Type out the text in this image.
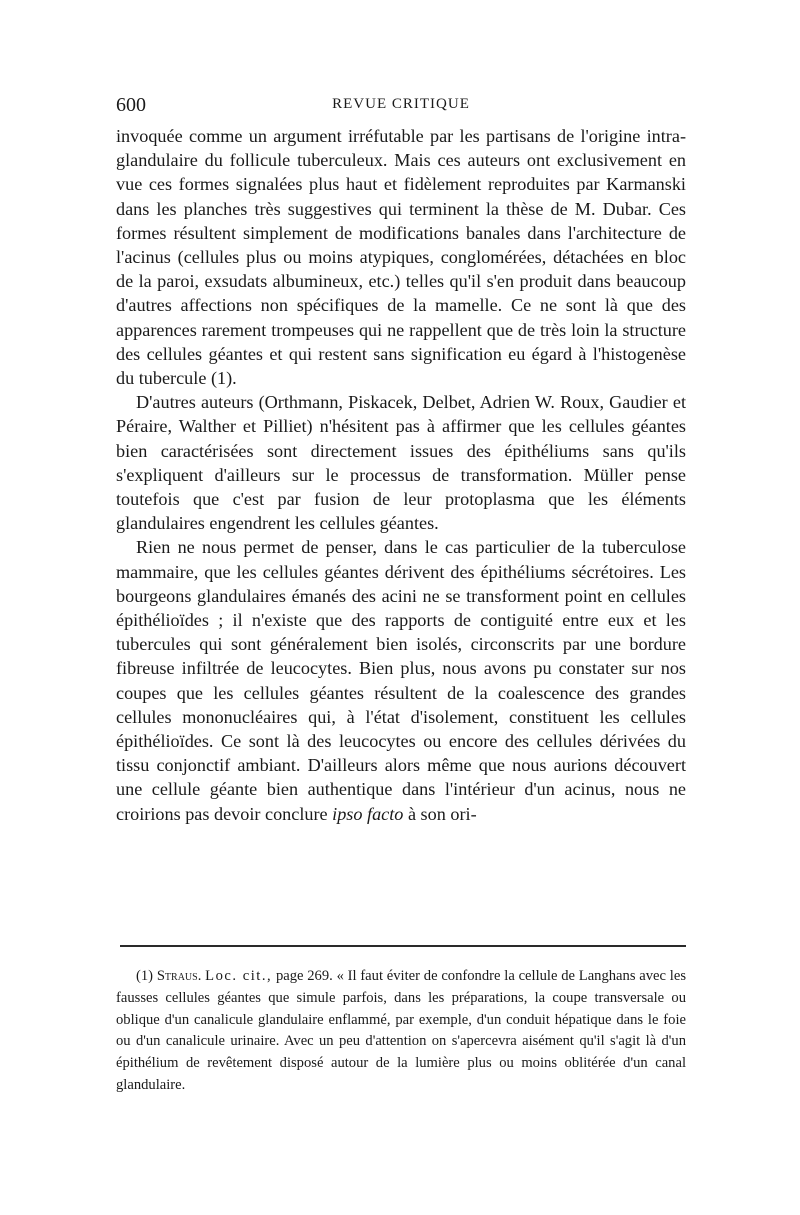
600	REVUE CRITIQUE

invoquée comme un argument irréfutable par les partisans de l'origine intra-glandulaire du follicule tuberculeux. Mais ces auteurs ont exclusivement en vue ces formes signalées plus haut et fidèlement reproduites par Karmanski dans les planches très suggestives qui terminent la thèse de M. Dubar. Ces formes résultent simplement de modifications banales dans l'architecture de l'acinus (cellules plus ou moins atypiques, conglomérées, détachées en bloc de la paroi, exsudats albumineux, etc.) telles qu'il s'en produit dans beaucoup d'autres affections non spécifiques de la mamelle. Ce ne sont là que des apparences rarement trompeuses qui ne rappellent que de très loin la structure des cellules géantes et qui restent sans signification eu égard à l'histogenèse du tubercule (1).

D'autres auteurs (Orthmann, Piskacek, Delbet, Adrien W. Roux, Gaudier et Péraire, Walther et Pilliet) n'hésitent pas à affirmer que les cellules géantes bien caractérisées sont directement issues des épithéliums sans qu'ils s'expliquent d'ailleurs sur le processus de transformation. Müller pense toutefois que c'est par fusion de leur protoplasma que les éléments glandulaires engendrent les cellules géantes.

Rien ne nous permet de penser, dans le cas particulier de la tuberculose mammaire, que les cellules géantes dérivent des épithéliums sécrétoires. Les bourgeons glandulaires émanés des acini ne se transforment point en cellules épithélioïdes ; il n'existe que des rapports de contiguité entre eux et les tubercules qui sont généralement bien isolés, circonscrits par une bordure fibreuse infiltrée de leucocytes. Bien plus, nous avons pu constater sur nos coupes que les cellules géantes résultent de la coalescence des grandes cellules mononucléaires qui, à l'état d'isolement, constituent les cellules épithélioïdes. Ce sont là des leucocytes ou encore des cellules dérivées du tissu conjonctif ambiant. D'ailleurs alors même que nous aurions découvert une cellule géante bien authentique dans l'intérieur d'un acinus, nous ne croirions pas devoir conclure ipso facto à son ori-

(1) Straus. Loc. cit., page 269. « Il faut éviter de confondre la cellule de Langhans avec les fausses cellules géantes que simule parfois, dans les préparations, la coupe transversale ou oblique d'un canalicule glandulaire enflammé, par exemple, d'un conduit hépatique dans le foie ou d'un canalicule urinaire. Avec un peu d'attention on s'apercevra aisément qu'il s'agit là d'un épithélium de revêtement disposé autour de la lumière plus ou moins oblitérée d'un canal glandulaire.
